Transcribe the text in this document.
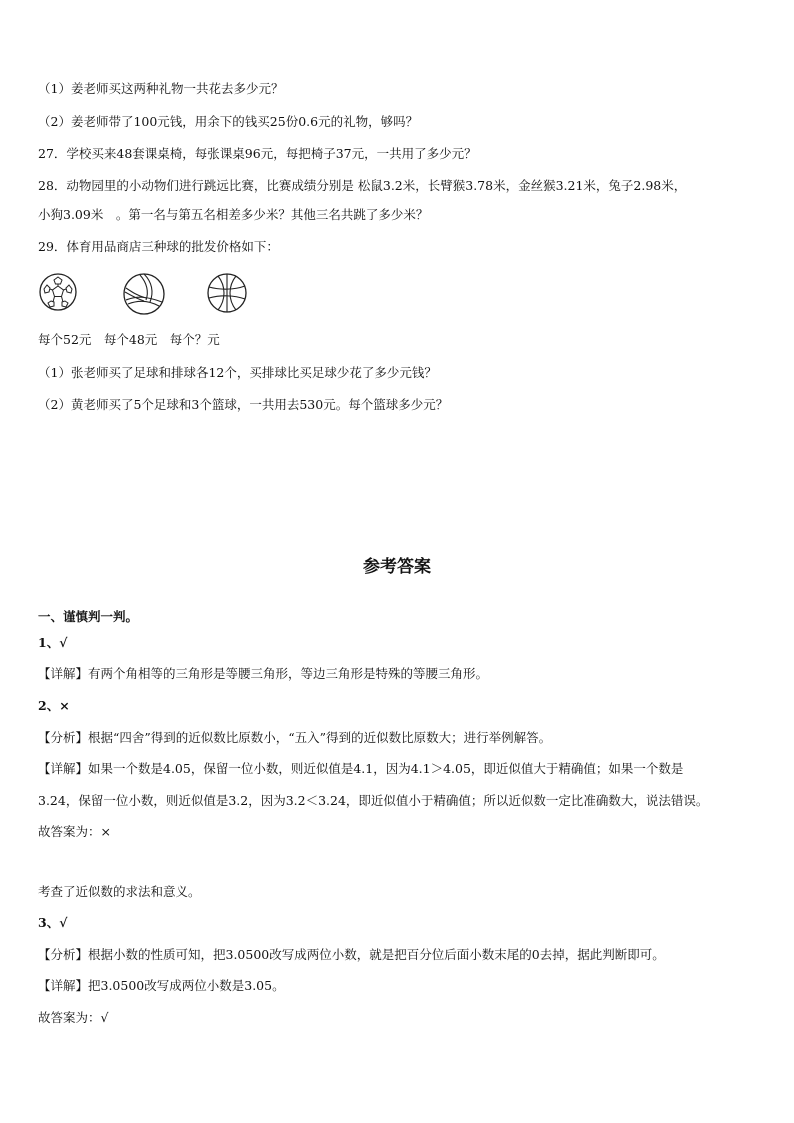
（1）姜老师买这两种礼物一共花去多少元？
（2）姜老师带了100元钱，用余下的钱买25份0.6元的礼物，够吗？
27．学校买来48套课桌椅，每张课桌96元，每把椅子37元，一共用了多少元？
28．动物园里的小动物们进行跳远比赛，比赛成绩分别是 松鼠3.2米，长臂猴3.78米，金丝猴3.21米，兔子2.98米，
小狗3.09米　。第一名与第五名相差多少米？其他三名共跳了多少米？
29．体育用品商店三种球的批发价格如下：
每个52元　每个48元　每个？元
（1）张老师买了足球和排球各12个，买排球比买足球少花了多少元钱？
（2）黄老师买了5个足球和3个篮球，一共用去530元。每个篮球多少元？
参考答案
一、谨慎判一判。
1、√
【详解】有两个角相等的三角形是等腰三角形，等边三角形是特殊的等腰三角形。
2、×
【分析】根据“四舍”得到的近似数比原数小，“五入”得到的近似数比原数大；进行举例解答。
【详解】如果一个数是4.05，保留一位小数，则近似值是4.1，因为4.1＞4.05，即近似值大于精确值；如果一个数是
3.24，保留一位小数，则近似值是3.2，因为3.2＜3.24，即近似值小于精确值；所以近似数一定比准确数大，说法错误。
故答案为：×
考查了近似数的求法和意义。
3、√
【分析】根据小数的性质可知，把3.0500改写成两位小数，就是把百分位后面小数末尾的0去掉，据此判断即可。
【详解】把3.0500改写成两位小数是3.05。
故答案为：√
